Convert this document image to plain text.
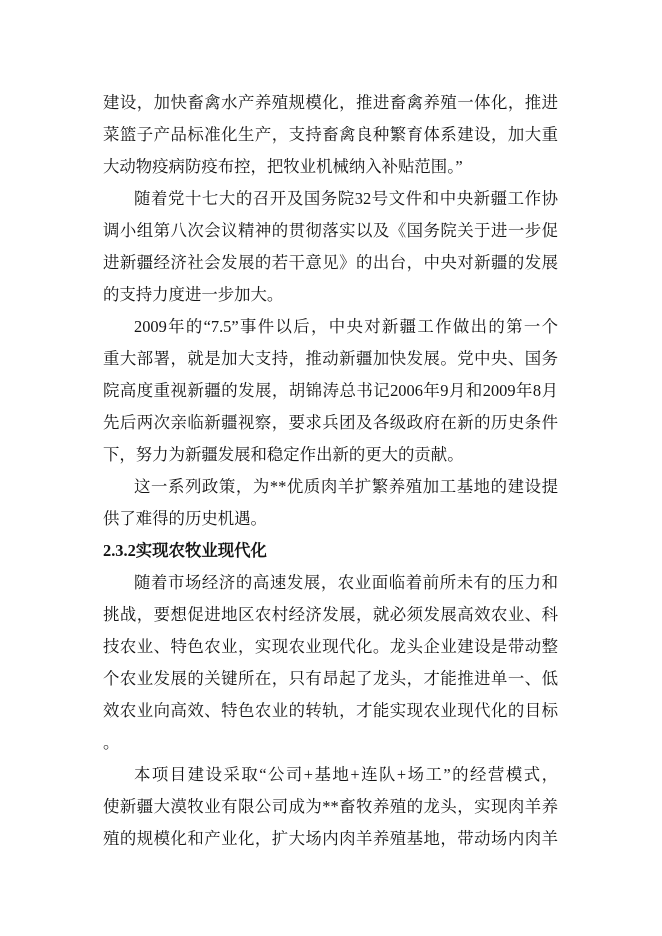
建设，加快畜禽水产养殖规模化，推进畜禽养殖一体化，推进
菜篮子产品标准化生产，支持畜禽良种繁育体系建设，加大重
大动物疫病防疫布控，把牧业机械纳入补贴范围。”
随着党十七大的召开及国务院32号文件和中央新疆工作协
调小组第八次会议精神的贯彻落实以及《国务院关于进一步促
进新疆经济社会发展的若干意见》的出台，中央对新疆的发展
的支持力度进一步加大。
2009年的“7.5”事件以后，中央对新疆工作做出的第一个
重大部署，就是加大支持，推动新疆加快发展。党中央、国务
院高度重视新疆的发展，胡锦涛总书记2006年9月和2009年8月
先后两次亲临新疆视察，要求兵团及各级政府在新的历史条件
下，努力为新疆发展和稳定作出新的更大的贡献。
这一系列政策，为**优质肉羊扩繁养殖加工基地的建设提
供了难得的历史机遇。
2.3.2实现农牧业现代化
随着市场经济的高速发展，农业面临着前所未有的压力和
挑战，要想促进地区农村经济发展，就必须发展高效农业、科
技农业、特色农业，实现农业现代化。龙头企业建设是带动整
个农业发展的关键所在，只有昂起了龙头，才能推进单一、低
效农业向高效、特色农业的转轨，才能实现农业现代化的目标
。
本项目建设采取“公司+基地+连队+场工”的经营模式，
使新疆大漠牧业有限公司成为**畜牧养殖的龙头，实现肉羊养
殖的规模化和产业化，扩大场内肉羊养殖基地，带动场内肉羊
